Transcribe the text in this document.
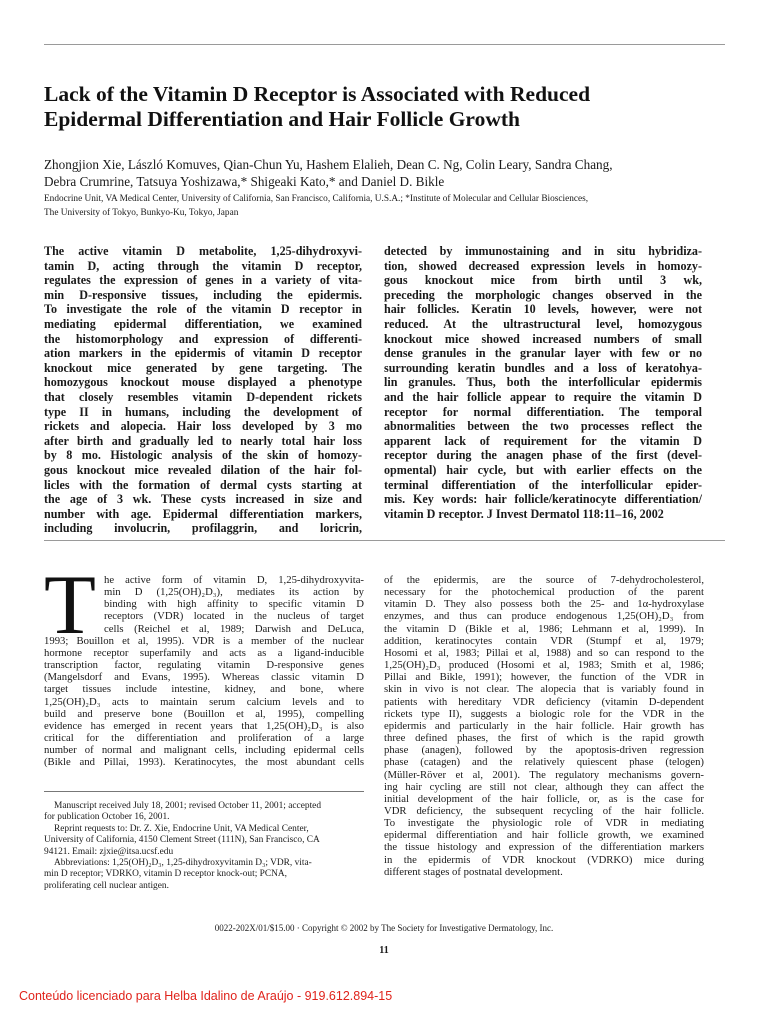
Lack of the Vitamin D Receptor is Associated with Reduced
Epidermal Differentiation and Hair Follicle Growth
Zhongjion Xie, László Komuves, Qian-Chun Yu, Hashem Elalieh, Dean C. Ng, Colin Leary, Sandra Chang,
Debra Crumrine, Tatsuya Yoshizawa,* Shigeaki Kato,* and Daniel D. Bikle
Endocrine Unit, VA Medical Center, University of California, San Francisco, California, U.S.A.; *Institute of Molecular and Cellular Biosciences,
The University of Tokyo, Bunkyo-Ku, Tokyo, Japan
The active vitamin D metabolite, 1,25-dihydroxyvi-
tamin D, acting through the vitamin D receptor,
regulates the expression of genes in a variety of vita-
min D-responsive tissues, including the epidermis.
To investigate the role of the vitamin D receptor in
mediating epidermal differentiation, we examined
the histomorphology and expression of differenti-
ation markers in the epidermis of vitamin D receptor
knockout mice generated by gene targeting. The
homozygous knockout mouse displayed a phenotype
that closely resembles vitamin D-dependent rickets
type II in humans, including the development of
rickets and alopecia. Hair loss developed by 3 mo
after birth and gradually led to nearly total hair loss
by 8 mo. Histologic analysis of the skin of homozy-
gous knockout mice revealed dilation of the hair fol-
licles with the formation of dermal cysts starting at
the age of 3 wk. These cysts increased in size and
number with age. Epidermal differentiation markers,
including involucrin, profilaggrin, and loricrin,
detected by immunostaining and in situ hybridiza-
tion, showed decreased expression levels in homozy-
gous knockout mice from birth until 3 wk,
preceding the morphologic changes observed in the
hair follicles. Keratin 10 levels, however, were not
reduced. At the ultrastructural level, homozygous
knockout mice showed increased numbers of small
dense granules in the granular layer with few or no
surrounding keratin bundles and a loss of keratohya-
lin granules. Thus, both the interfollicular epidermis
and the hair follicle appear to require the vitamin D
receptor for normal differentiation. The temporal
abnormalities between the two processes reflect the
apparent lack of requirement for the vitamin D
receptor during the anagen phase of the first (devel-
opmental) hair cycle, but with earlier effects on the
terminal differentiation of the interfollicular epider-
mis. Key words: hair follicle/keratinocyte differentiation/
vitamin D receptor. J Invest Dermatol 118:11–16, 2002
T he active form of vitamin D, 1,25-dihydroxyvita-
min D (1,25(OH)₂D₃), mediates its action by
binding with high affinity to specific vitamin D
receptors (VDR) located in the nucleus of target
cells (Reichel et al, 1989; Darwish and DeLuca,
1993; Bouillon et al, 1995). VDR is a member of the nuclear
hormone receptor superfamily and acts as a ligand-inducible
transcription factor, regulating vitamin D-responsive genes
(Mangelsdorf and Evans, 1995). Whereas classic vitamin D
target tissues include intestine, kidney, and bone, where
1,25(OH)₂D₃ acts to maintain serum calcium levels and to
build and preserve bone (Bouillon et al, 1995), compelling
evidence has emerged in recent years that 1,25(OH)₂D₃ is also
critical for the differentiation and proliferation of a large
number of normal and malignant cells, including epidermal cells
(Bikle and Pillai, 1993). Keratinocytes, the most abundant cells
Manuscript received July 18, 2001; revised October 11, 2001; accepted
for publication October 16, 2001.
Reprint requests to: Dr. Z. Xie, Endocrine Unit, VA Medical Center,
University of California, 4150 Clement Street (111N), San Francisco, CA
94121. Email: zjxie@itsa.ucsf.edu
Abbreviations: 1,25(OH)₂D₃, 1,25-dihydroxyvitamin D₃; VDR, vita-
min D receptor; VDRKO, vitamin D receptor knock-out; PCNA,
proliferating cell nuclear antigen.
of the epidermis, are the source of 7-dehydrocholesterol,
necessary for the photochemical production of the parent
vitamin D. They also possess both the 25- and 1α-hydroxylase
enzymes, and thus can produce endogenous 1,25(OH)₂D₃ from
the vitamin D (Bikle et al, 1986; Lehmann et al, 1999). In
addition, keratinocytes contain VDR (Stumpf et al, 1979;
Hosomi et al, 1983; Pillai et al, 1988) and so can respond to the
1,25(OH)₂D₃ produced (Hosomi et al, 1983; Smith et al, 1986;
Pillai and Bikle, 1991); however, the function of the VDR in
skin in vivo is not clear. The alopecia that is variably found in
patients with hereditary VDR deficiency (vitamin D-dependent
rickets type II), suggests a biologic role for the VDR in the
epidermis and particularly in the hair follicle. Hair growth has
three defined phases, the first of which is the rapid growth
phase (anagen), followed by the apoptosis-driven regression
phase (catagen) and the relatively quiescent phase (telogen)
(Müller-Röver et al, 2001). The regulatory mechanisms govern-
ing hair cycling are still not clear, although they can affect the
initial development of the hair follicle, or, as is the case for
VDR deficiency, the subsequent recycling of the hair follicle.
To investigate the physiologic role of VDR in mediating
epidermal differentiation and hair follicle growth, we examined
the tissue histology and expression of the differentiation markers
in the epidermis of VDR knockout (VDRKO) mice during
different stages of postnatal development.
0022-202X/01/$15.00 · Copyright © 2002 by The Society for Investigative Dermatology, Inc.
11
Conteúdo licenciado para Helba Idalino de Araújo - 919.612.894-15
